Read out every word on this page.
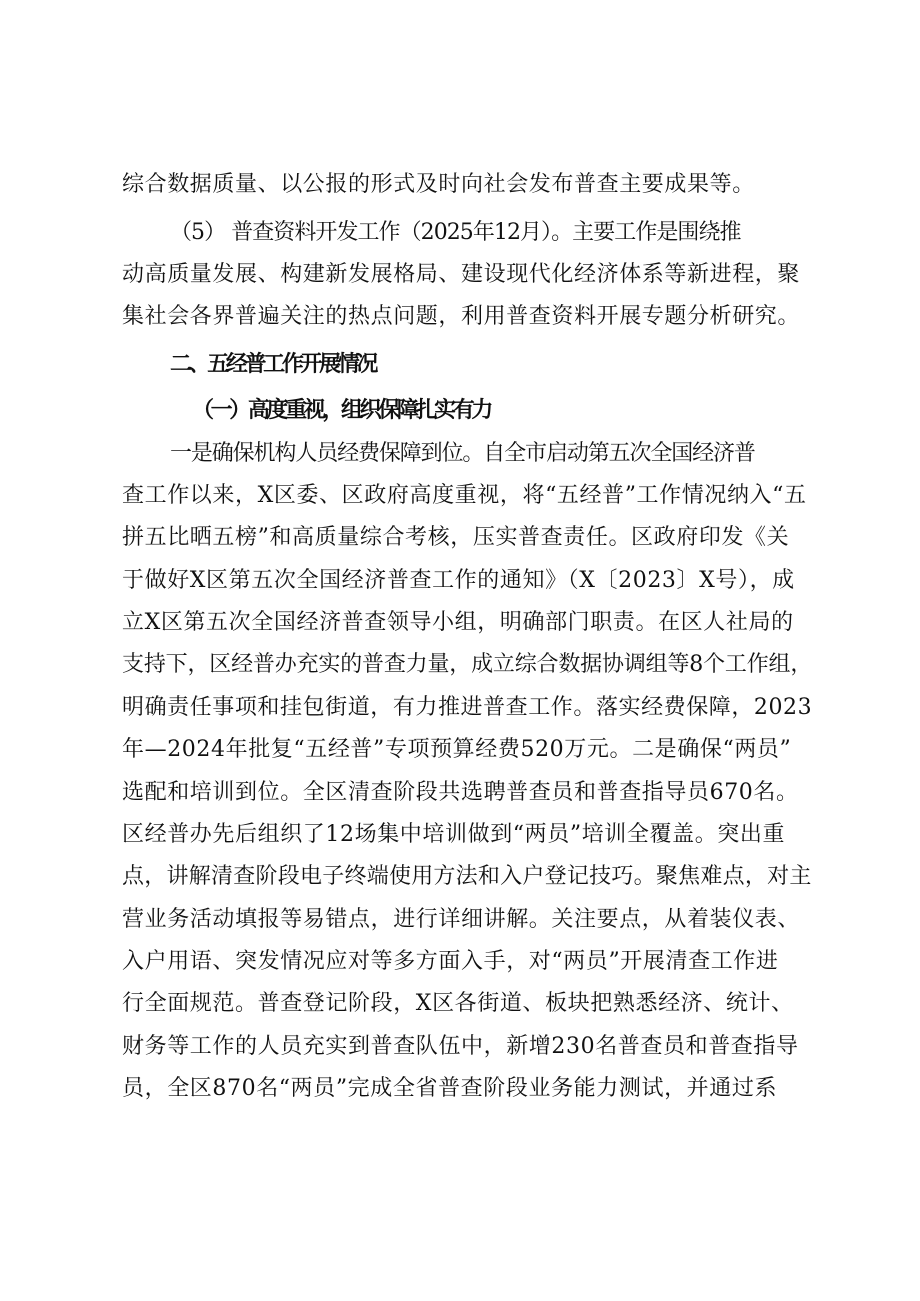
综合数据质量、以公报的形式及时向社会发布普查主要成果等。
（5） 普查资料开发工作（2025年12月）。主要工作是围绕推
动高质量发展、构建新发展格局、建设现代化经济体系等新进程，聚
集社会各界普遍关注的热点问题，利用普查资料开展专题分析研究。
二、五经普工作开展情况
（一）高度重视，组织保障扎实有力
一是确保机构人员经费保障到位。自全市启动第五次全国经济普
查工作以来，X区委、区政府高度重视，将“五经普”工作情况纳入“五
拼五比晒五榜”和高质量综合考核，压实普查责任。区政府印发《关
于做好X区第五次全国经济普查工作的通知》（X〔2023〕X号），成
立X区第五次全国经济普查领导小组，明确部门职责。在区人社局的
支持下，区经普办充实的普查力量，成立综合数据协调组等8个工作组，
明确责任事项和挂包街道，有力推进普查工作。落实经费保障，2023
年—2024年批复“五经普”专项预算经费520万元。二是确保“两员”
选配和培训到位。全区清查阶段共选聘普查员和普查指导员670名。
区经普办先后组织了12场集中培训做到“两员”培训全覆盖。突出重
点，讲解清查阶段电子终端使用方法和入户登记技巧。聚焦难点，对主
营业务活动填报等易错点，进行详细讲解。关注要点，从着装仪表、
入户用语、突发情况应对等多方面入手，对“两员”开展清查工作进
行全面规范。普查登记阶段，X区各街道、板块把熟悉经济、统计、
财务等工作的人员充实到普查队伍中，新增230名普查员和普查指导
员，全区870名“两员”完成全省普查阶段业务能力测试，并通过系
